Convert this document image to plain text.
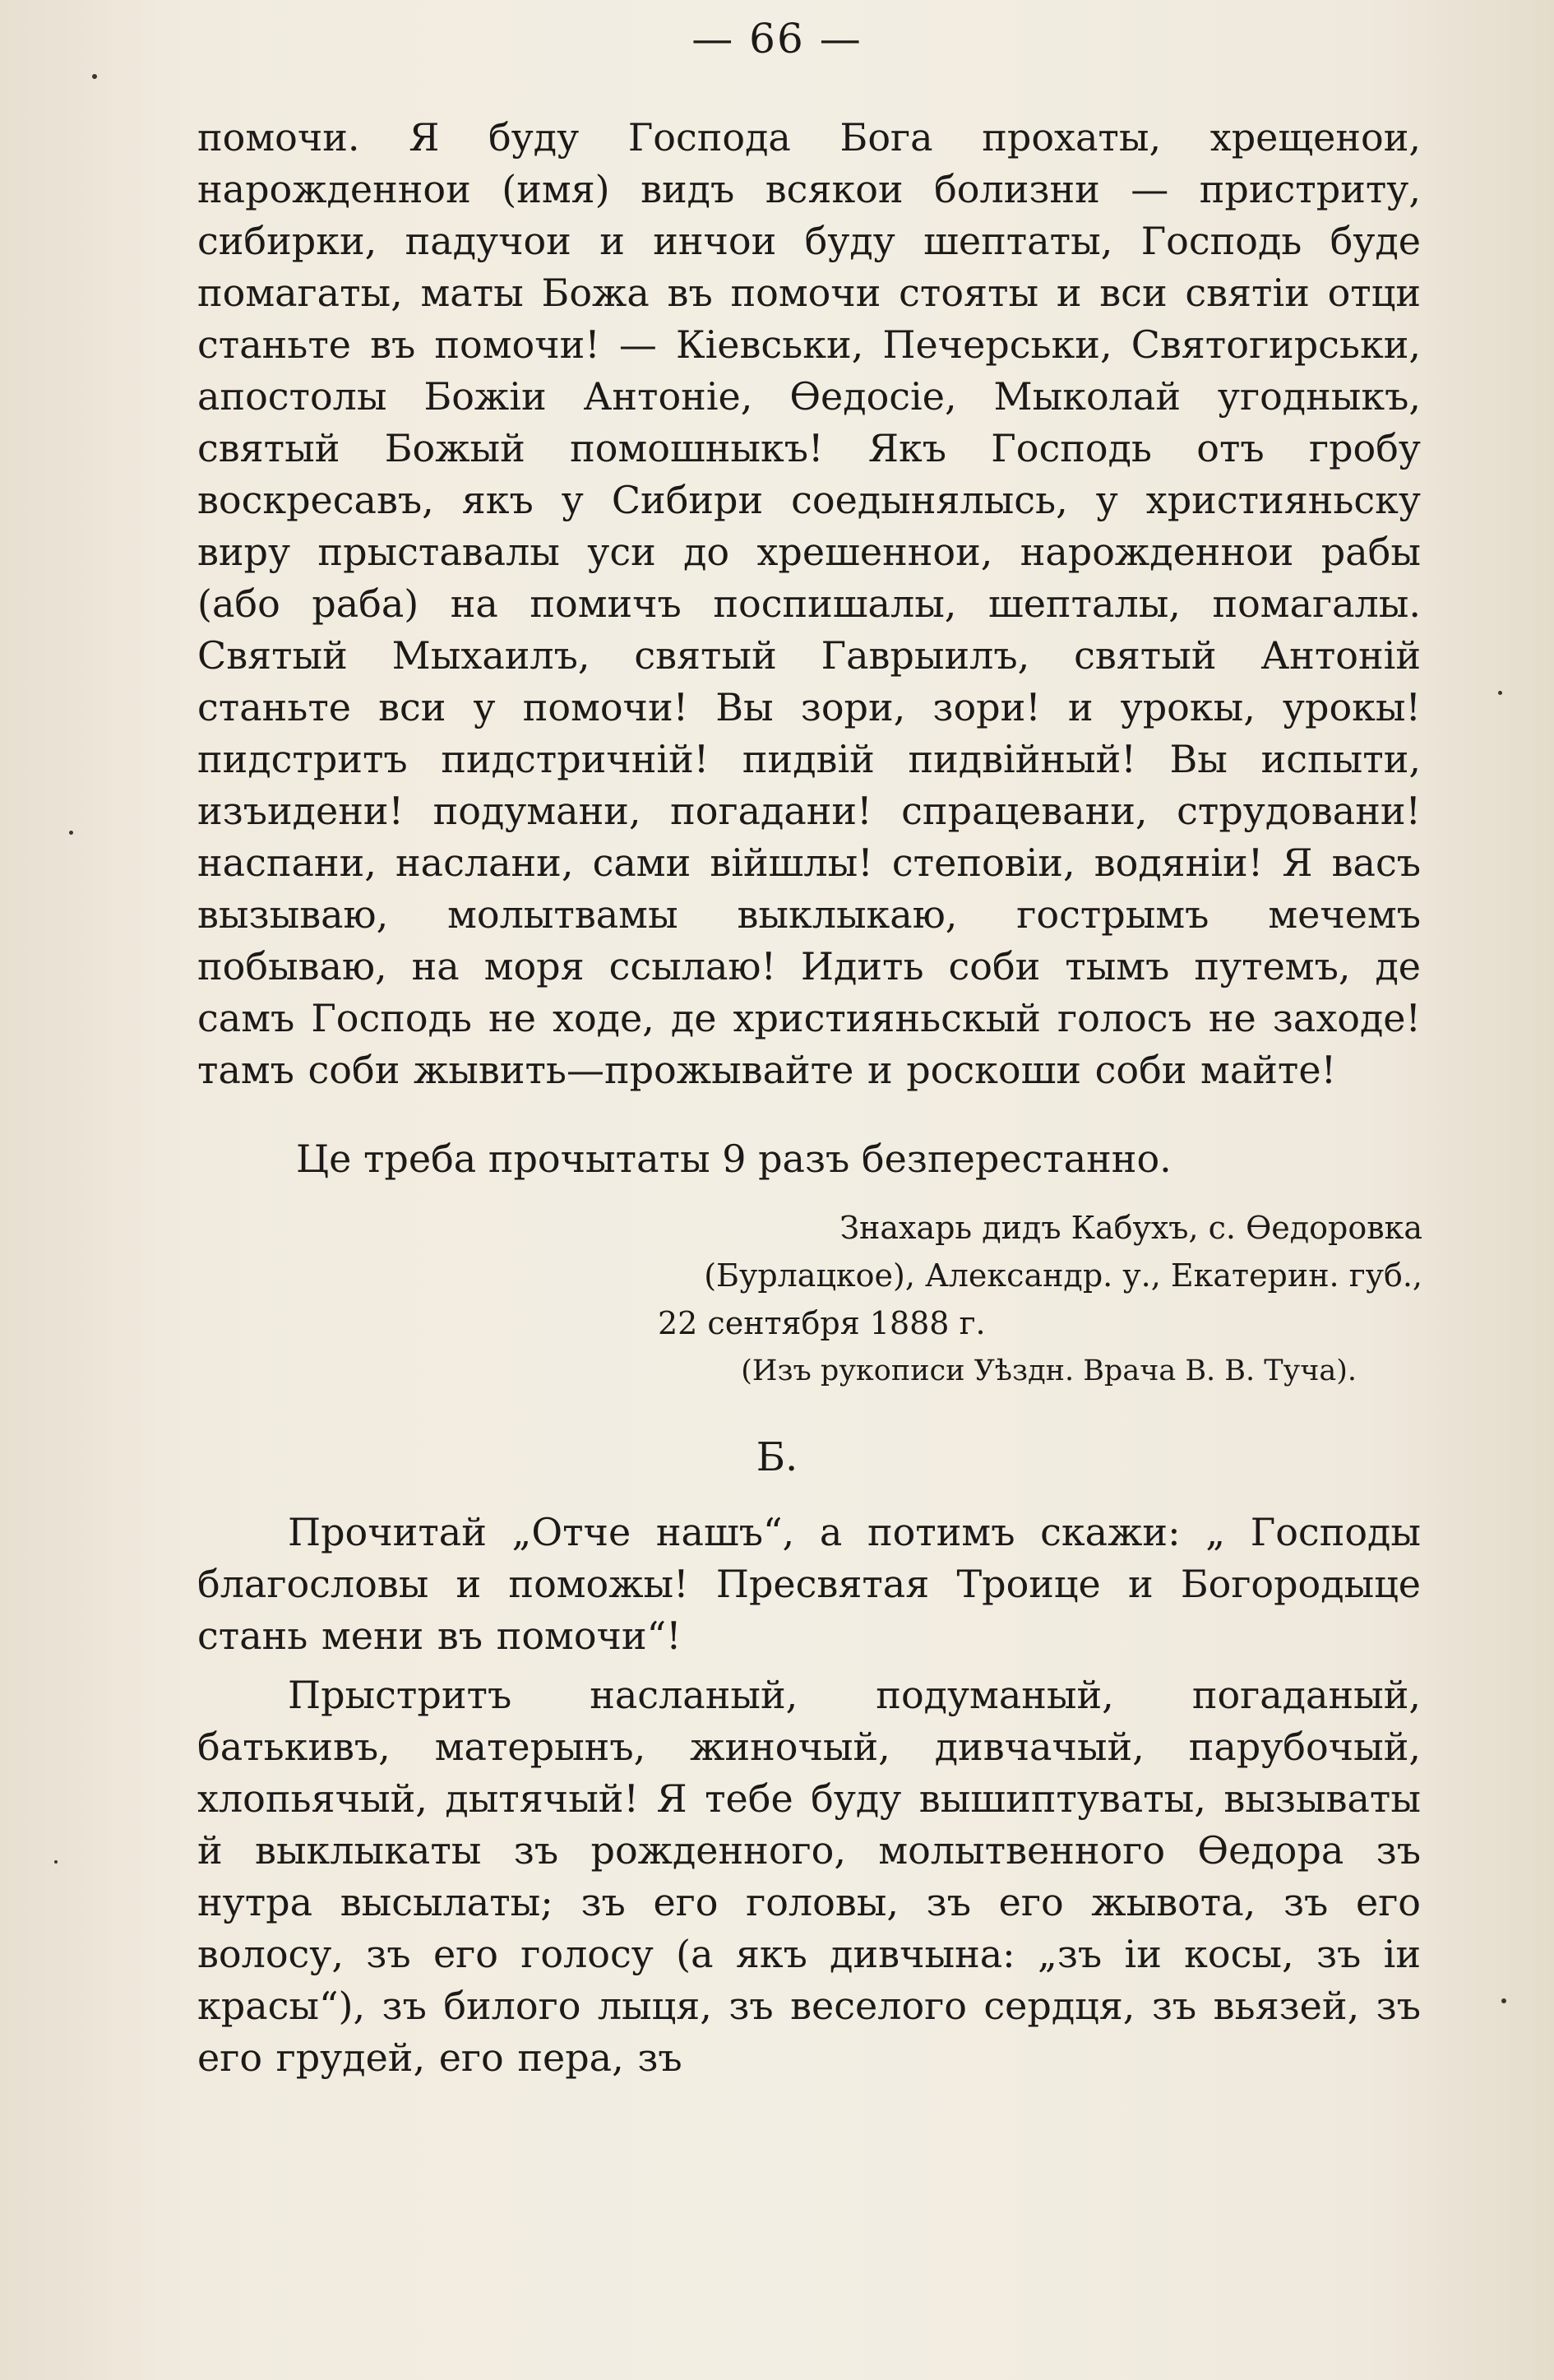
— 66 —
помочи. Я буду Господа Бога прохаты, хрещенои, нарожденнои (имя) видъ всякои болизни — пристриту, сибирки, падучои и инчои буду шептаты, Господь буде помагаты, маты Божа въ помочи стояты и вси святіи отци станьте въ помочи! — Кіевськи, Печерськи, Святогирськи, апостолы Божіи Антоніе, Өедосіе, Мыколай угодныкъ, святый Божый помошныкъ! Якъ Господь отъ гробу воскресавъ, якъ у Сибири соедынялысь, у християньску виру прыставалы уси до хрешеннои, нарожденнои рабы (або раба) на помичъ поспишалы, шепталы, помагалы. Святый Мыхаилъ, святый Гаврыилъ, святый Антоній станьте вси у помочи! Вы зори, зори! и урокы, урокы! пидстритъ пидстричній! пидвій пидвійный! Вы испыти, изъидени! подумани, погадани! спрацевани, струдовани! наспани, наслани, сами війшлы! степовіи, водяніи! Я васъ вызываю, молытвамы выклыкаю, гострымъ мечемъ побываю, на моря ссылаю! Идить соби тымъ путемъ, де самъ Господь не ходе, де християньскый голосъ не заходе! тамъ соби жывить—прожывайте и роскоши соби майте!
Це треба прочытаты 9 разъ безперестанно.
Знахарь дидъ Кабухъ, с. Өедоровка
(Бурлацкое), Александр. у., Екатерин. губ.,
22 сентября 1888 г.
(Изъ рукописи Уѣздн. Врача В. В. Туча).
Б.
Прочитай „Отче нашъ“, а потимъ скажи: „ Господы благословы и поможы! Пресвятая Троице и Богородыце стань мени въ помочи“!
Прыстритъ насланый, подуманый, погаданый, батькивъ, матерынъ, жиночый, дивчачый, парубочый, хлопьячый, дытячый! Я тебе буду вышиптуваты, вызываты й выклыкаты зъ рожденного, молытвенного Өедора зъ нутра высылаты; зъ его головы, зъ его жывота, зъ его волосу, зъ его голосу (а якъ дивчына: „зъ іи косы, зъ іи красы“), зъ билого лыця, зъ веселого сердця, зъ вьязей, зъ его грудей, его пера, зъ
